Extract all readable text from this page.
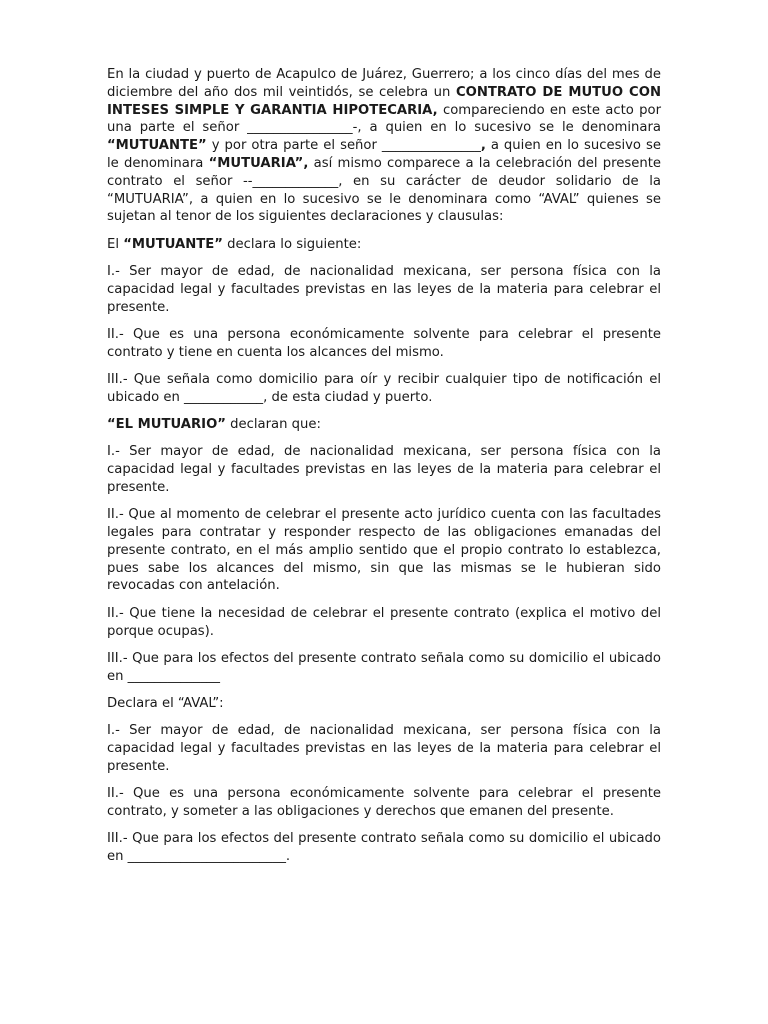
En la ciudad y puerto de Acapulco de Juárez, Guerrero; a los cinco días del mes de diciembre del año dos mil veintidós, se celebra un CONTRATO DE MUTUO CON INTESES SIMPLE Y GARANTIA HIPOTECARIA, compareciendo en este acto por una parte el señor ________________-, a quien en lo sucesivo se le denominara “MUTUANTE” y por otra parte el señor _______________, a quien en lo sucesivo se le denominara “MUTUARIA”, así mismo comparece a la celebración del presente contrato el señor --_____________, en su carácter de deudor solidario de la “MUTUARIA”, a quien en lo sucesivo se le denominara como “AVAL” quienes se sujetan al tenor de los siguientes declaraciones y clausulas:

El “MUTUANTE” declara lo siguiente:

I.- Ser mayor de edad, de nacionalidad mexicana, ser persona física con la capacidad legal y facultades previstas en las leyes de la materia para celebrar el presente.

II.- Que es una persona económicamente solvente para celebrar el presente contrato y tiene en cuenta los alcances del mismo.

III.- Que señala como domicilio para oír y recibir cualquier tipo de notificación el ubicado en ____________, de esta ciudad y puerto.

“EL MUTUARIO” declaran que:

I.- Ser mayor de edad, de nacionalidad mexicana, ser persona física con la capacidad legal y facultades previstas en las leyes de la materia para celebrar el presente.

II.- Que al momento de celebrar el presente acto jurídico cuenta con las facultades legales para contratar y responder respecto de las obligaciones emanadas del presente contrato, en el más amplio sentido que el propio contrato lo establezca, pues sabe los alcances del mismo, sin que las mismas se le hubieran sido revocadas con antelación.

II.- Que tiene la necesidad de celebrar el presente contrato (explica el motivo del porque ocupas).

III.- Que para los efectos del presente contrato señala como su domicilio el ubicado en ______________

Declara el “AVAL”:

I.- Ser mayor de edad, de nacionalidad mexicana, ser persona física con la capacidad legal y facultades previstas en las leyes de la materia para celebrar el presente.

II.- Que es una persona económicamente solvente para celebrar el presente contrato, y someter a las obligaciones y derechos que emanen del presente.

III.- Que para los efectos del presente contrato señala como su domicilio el ubicado en ________________________.
